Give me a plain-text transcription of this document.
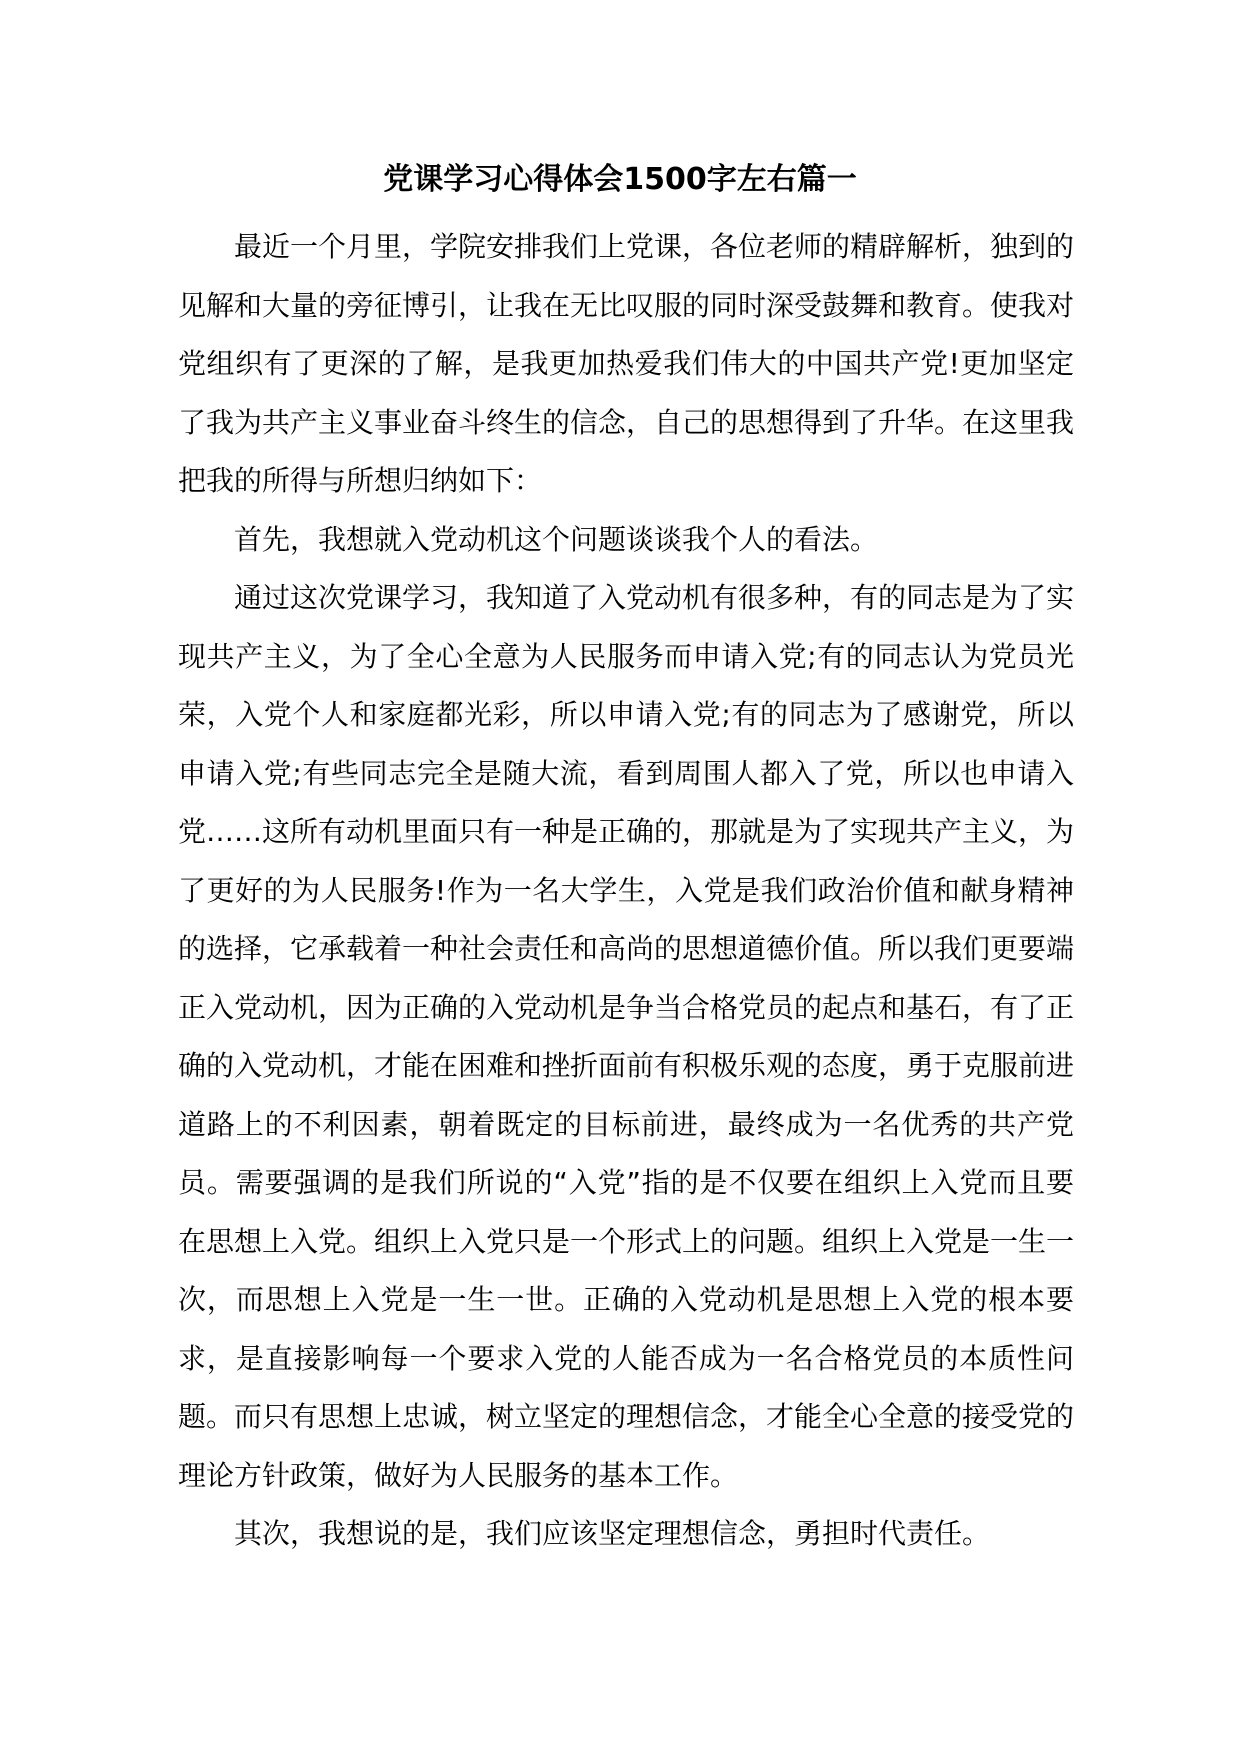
党课学习心得体会1500字左右篇一

最近一个月里，学院安排我们上党课，各位老师的精辟解析，独到的见解和大量的旁征博引，让我在无比叹服的同时深受鼓舞和教育。使我对党组织有了更深的了解，是我更加热爱我们伟大的中国共产党!更加坚定了我为共产主义事业奋斗终生的信念，自己的思想得到了升华。在这里我把我的所得与所想归纳如下：

首先，我想就入党动机这个问题谈谈我个人的看法。

通过这次党课学习，我知道了入党动机有很多种，有的同志是为了实现共产主义，为了全心全意为人民服务而申请入党;有的同志认为党员光荣，入党个人和家庭都光彩，所以申请入党;有的同志为了感谢党，所以申请入党;有些同志完全是随大流，看到周围人都入了党，所以也申请入党……这所有动机里面只有一种是正确的，那就是为了实现共产主义，为了更好的为人民服务!作为一名大学生，入党是我们政治价值和献身精神的选择，它承载着一种社会责任和高尚的思想道德价值。所以我们更要端正入党动机，因为正确的入党动机是争当合格党员的起点和基石，有了正确的入党动机，才能在困难和挫折面前有积极乐观的态度，勇于克服前进道路上的不利因素，朝着既定的目标前进，最终成为一名优秀的共产党员。需要强调的是我们所说的“入党”指的是不仅要在组织上入党而且要在思想上入党。组织上入党只是一个形式上的问题。组织上入党是一生一次，而思想上入党是一生一世。正确的入党动机是思想上入党的根本要求，是直接影响每一个要求入党的人能否成为一名合格党员的本质性问题。而只有思想上忠诚，树立坚定的理想信念，才能全心全意的接受党的理论方针政策，做好为人民服务的基本工作。

其次，我想说的是，我们应该坚定理想信念，勇担时代责任。
